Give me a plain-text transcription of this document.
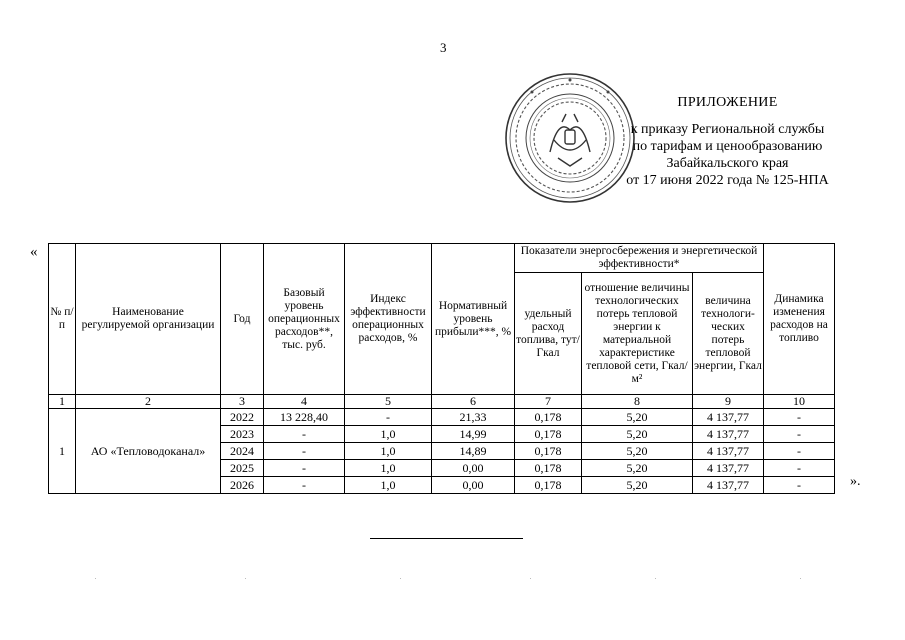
3
ПРИЛОЖЕНИЕ
к приказу Региональной службы
по тарифам и ценообразованию
Забайкальского края
от 17 июня 2022 года № 125-НПА
«
№ п/п	Наименование регулируемой организации	Год	Базовый уровень операционных расходов**, тыс. руб.	Индекс эффективности операционных расходов, %	Нормативный уровень прибыли***, %	Показатели энергосбережения и энергетической эффективности*			Динамика изменения расходов на топливо
						удельный расход топлива, тут/Гкал	отношение величины технологических потерь тепловой энергии к материальной характеристике тепловой сети, Гкал/м²	величина технологи-ческих потерь тепловой энергии, Гкал	
1	2	3	4	5	6	7	8	9	10
1	АО «Тепловодоканал»	2022	13 228,40	-	21,33	0,178	5,20	4 137,77	-
		2023	-	1,0	14,99	0,178	5,20	4 137,77	-
		2024	-	1,0	14,89	0,178	5,20	4 137,77	-
		2025	-	1,0	0,00	0,178	5,20	4 137,77	-
		2026	-	1,0	0,00	0,178	5,20	4 137,77	-	».
